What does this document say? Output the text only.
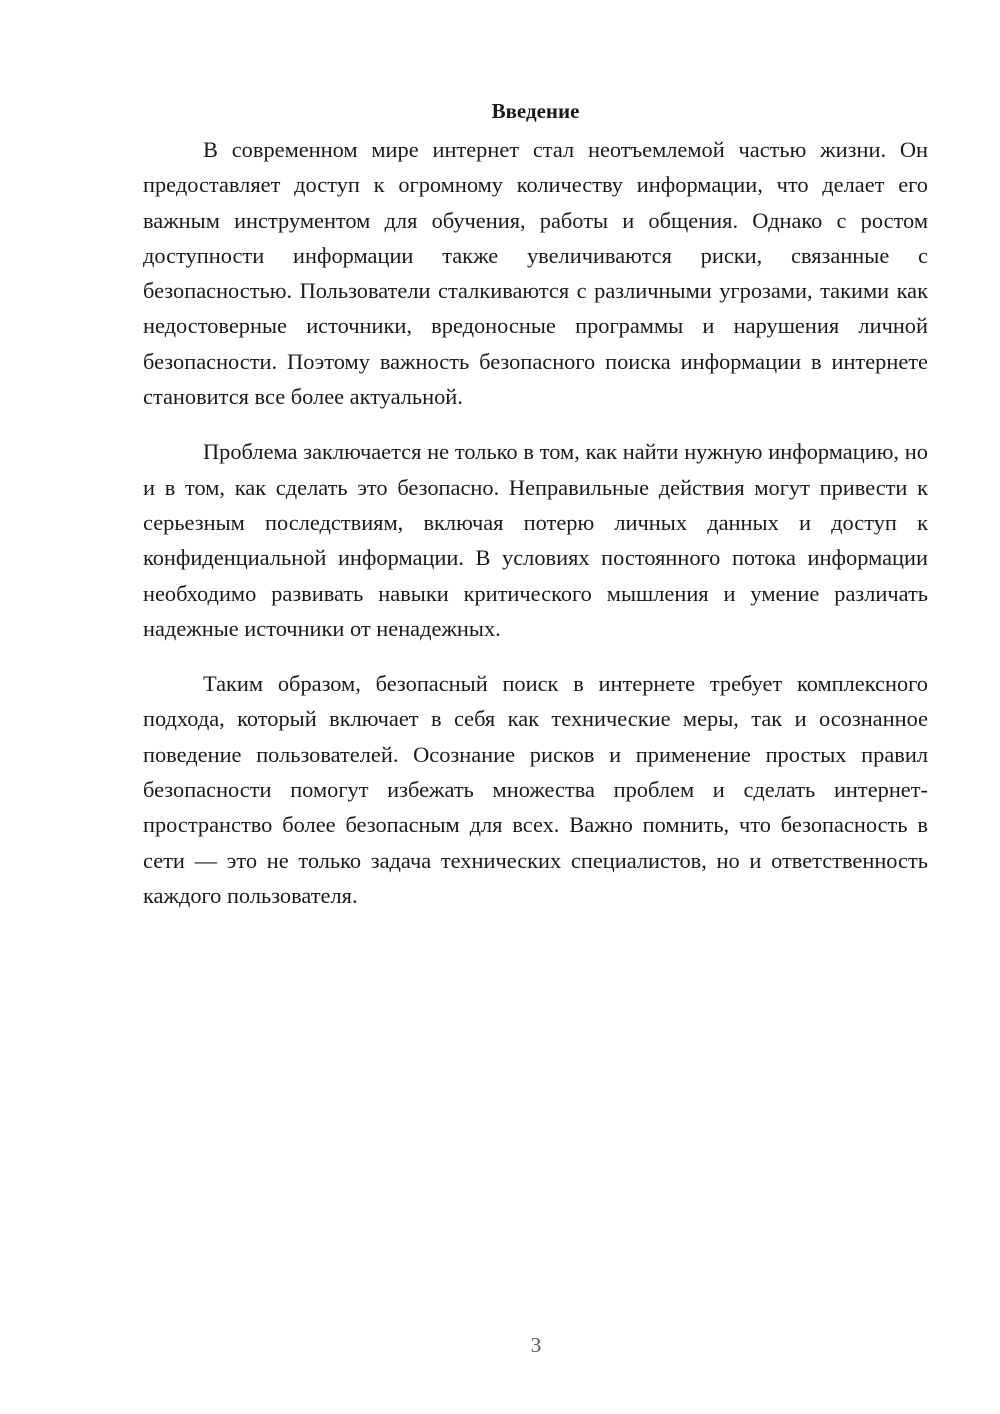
Введение

В современном мире интернет стал неотъемлемой частью жизни. Он предоставляет доступ к огромному количеству информации, что делает его важным инструментом для обучения, работы и общения. Однако с ростом доступности информации также увеличиваются риски, связанные с безопасностью. Пользователи сталкиваются с различными угрозами, такими как недостоверные источники, вредоносные программы и нарушения личной безопасности. Поэтому важность безопасного поиска информации в интернете становится все более актуальной.

Проблема заключается не только в том, как найти нужную информацию, но и в том, как сделать это безопасно. Неправильные действия могут привести к серьезным последствиям, включая потерю личных данных и доступ к конфиденциальной информации. В условиях постоянного потока информации необходимо развивать навыки критического мышления и умение различать надежные источники от ненадежных.

Таким образом, безопасный поиск в интернете требует комплексного подхода, который включает в себя как технические меры, так и осознанное поведение пользователей. Осознание рисков и применение простых правил безопасности помогут избежать множества проблем и сделать интернет-пространство более безопасным для всех. Важно помнить, что безопасность в сети — это не только задача технических специалистов, но и ответственность каждого пользователя.

3
